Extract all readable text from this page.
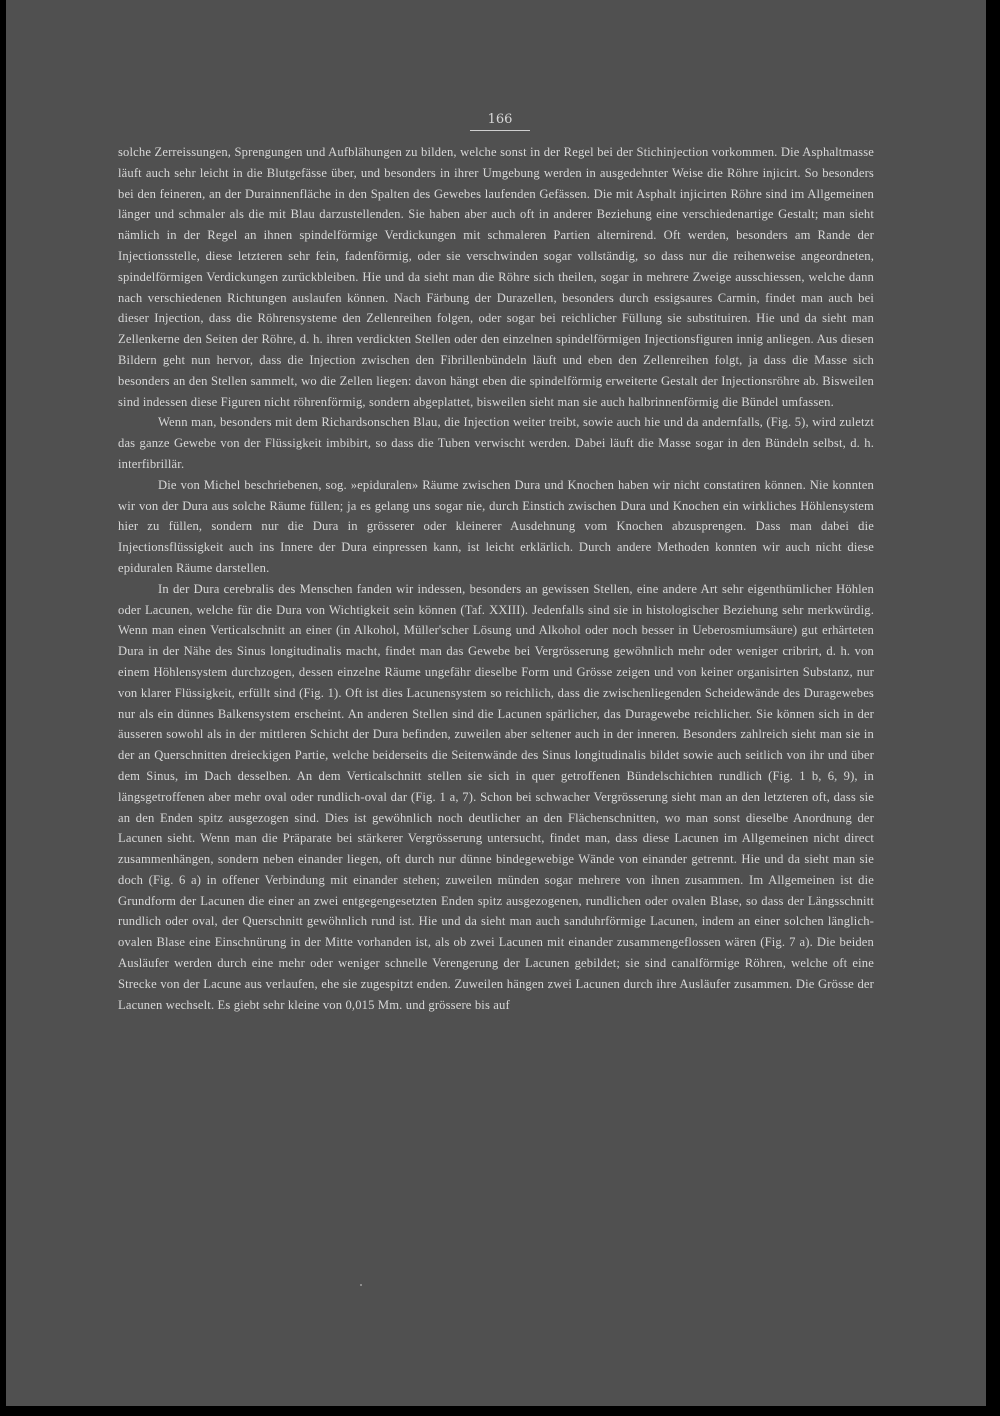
166

solche Zerreissungen, Sprengungen und Aufblähungen zu bilden, welche sonst in der Regel bei der Stichinjection vorkommen. Die Asphaltmasse läuft auch sehr leicht in die Blutgefässe über, und besonders in ihrer Umgebung werden in ausgedehnter Weise die Röhre injicirt. So besonders bei den feineren, an der Durainnenfläche in den Spalten des Gewebes laufenden Gefässen. Die mit Asphalt injicirten Röhre sind im Allgemeinen länger und schmaler als die mit Blau darzustellenden. Sie haben aber auch oft in anderer Beziehung eine verschiedenartige Gestalt; man sieht nämlich in der Regel an ihnen spindelförmige Verdickungen mit schmaleren Partien alternirend. Oft werden, besonders am Rande der Injectionsstelle, diese letzteren sehr fein, fadenförmig, oder sie verschwinden sogar vollständig, so dass nur die reihenweise angeordneten, spindelförmigen Verdickungen zurückbleiben. Hie und da sieht man die Röhre sich theilen, sogar in mehrere Zweige ausschiessen, welche dann nach verschiedenen Richtungen auslaufen können. Nach Färbung der Durazellen, besonders durch essigsaures Carmin, findet man auch bei dieser Injection, dass die Röhrensysteme den Zellenreihen folgen, oder sogar bei reichlicher Füllung sie substituiren. Hie und da sieht man Zellenkerne den Seiten der Röhre, d. h. ihren verdickten Stellen oder den einzelnen spindelförmigen Injectionsfiguren innig anliegen. Aus diesen Bildern geht nun hervor, dass die Injection zwischen den Fibrillenbündeln läuft und eben den Zellenreihen folgt, ja dass die Masse sich besonders an den Stellen sammelt, wo die Zellen liegen: davon hängt eben die spindelförmig erweiterte Gestalt der Injectionsröhre ab. Bisweilen sind indessen diese Figuren nicht röhrenförmig, sondern abgeplattet, bisweilen sieht man sie auch halbrinnenförmig die Bündel umfassen.

Wenn man, besonders mit dem Richardsonschen Blau, die Injection weiter treibt, sowie auch hie und da andernfalls, (Fig. 5), wird zuletzt das ganze Gewebe von der Flüssigkeit imbibirt, so dass die Tuben verwischt werden. Dabei läuft die Masse sogar in den Bündeln selbst, d. h. interfibrillär.

Die von Michel beschriebenen, sog. »epiduralen» Räume zwischen Dura und Knochen haben wir nicht constatiren können. Nie konnten wir von der Dura aus solche Räume füllen; ja es gelang uns sogar nie, durch Einstich zwischen Dura und Knochen ein wirkliches Höhlensystem hier zu füllen, sondern nur die Dura in grösserer oder kleinerer Ausdehnung vom Knochen abzusprengen. Dass man dabei die Injectionsflüssigkeit auch ins Innere der Dura einpressen kann, ist leicht erklärlich. Durch andere Methoden konnten wir auch nicht diese epiduralen Räume darstellen.

In der Dura cerebralis des Menschen fanden wir indessen, besonders an gewissen Stellen, eine andere Art sehr eigenthümlicher Höhlen oder Lacunen, welche für die Dura von Wichtigkeit sein können (Taf. XXIII). Jedenfalls sind sie in histologischer Beziehung sehr merkwürdig. Wenn man einen Verticalschnitt an einer (in Alkohol, Müller'scher Lösung und Alkohol oder noch besser in Ueberosmiumsäure) gut erhärteten Dura in der Nähe des Sinus longitudinalis macht, findet man das Gewebe bei Vergrösserung gewöhnlich mehr oder weniger cribrirt, d. h. von einem Höhlensystem durchzogen, dessen einzelne Räume ungefähr dieselbe Form und Grösse zeigen und von keiner organisirten Substanz, nur von klarer Flüssigkeit, erfüllt sind (Fig. 1). Oft ist dies Lacunensystem so reichlich, dass die zwischenliegenden Scheidewände des Duragewebes nur als ein dünnes Balkensystem erscheint. An anderen Stellen sind die Lacunen spärlicher, das Duragewebe reichlicher. Sie können sich in der äusseren sowohl als in der mittleren Schicht der Dura befinden, zuweilen aber seltener auch in der inneren. Besonders zahlreich sieht man sie in der an Querschnitten dreieckigen Partie, welche beiderseits die Seitenwände des Sinus longitudinalis bildet sowie auch seitlich von ihr und über dem Sinus, im Dach desselben. An dem Verticalschnitt stellen sie sich in quer getroffenen Bündelschichten rundlich (Fig. 1 b, 6, 9), in längsgetroffenen aber mehr oval oder rundlich-oval dar (Fig. 1 a, 7). Schon bei schwacher Vergrösserung sieht man an den letzteren oft, dass sie an den Enden spitz ausgezogen sind. Dies ist gewöhnlich noch deutlicher an den Flächenschnitten, wo man sonst dieselbe Anordnung der Lacunen sieht. Wenn man die Präparate bei stärkerer Vergrösserung untersucht, findet man, dass diese Lacunen im Allgemeinen nicht direct zusammenhängen, sondern neben einander liegen, oft durch nur dünne bindegewebige Wände von einander getrennt. Hie und da sieht man sie doch (Fig. 6 a) in offener Verbindung mit einander stehen; zuweilen münden sogar mehrere von ihnen zusammen. Im Allgemeinen ist die Grundform der Lacunen die einer an zwei entgegengesetzten Enden spitz ausgezogenen, rundlichen oder ovalen Blase, so dass der Längsschnitt rundlich oder oval, der Querschnitt gewöhnlich rund ist. Hie und da sieht man auch sanduhrförmige Lacunen, indem an einer solchen länglich-ovalen Blase eine Einschnürung in der Mitte vorhanden ist, als ob zwei Lacunen mit einander zusammengeflossen wären (Fig. 7 a). Die beiden Ausläufer werden durch eine mehr oder weniger schnelle Verengerung der Lacunen gebildet; sie sind canalförmige Röhren, welche oft eine Strecke von der Lacune aus verlaufen, ehe sie zugespitzt enden. Zuweilen hängen zwei Lacunen durch ihre Ausläufer zusammen. Die Grösse der Lacunen wechselt. Es giebt sehr kleine von 0,015 Mm. und grössere bis auf
